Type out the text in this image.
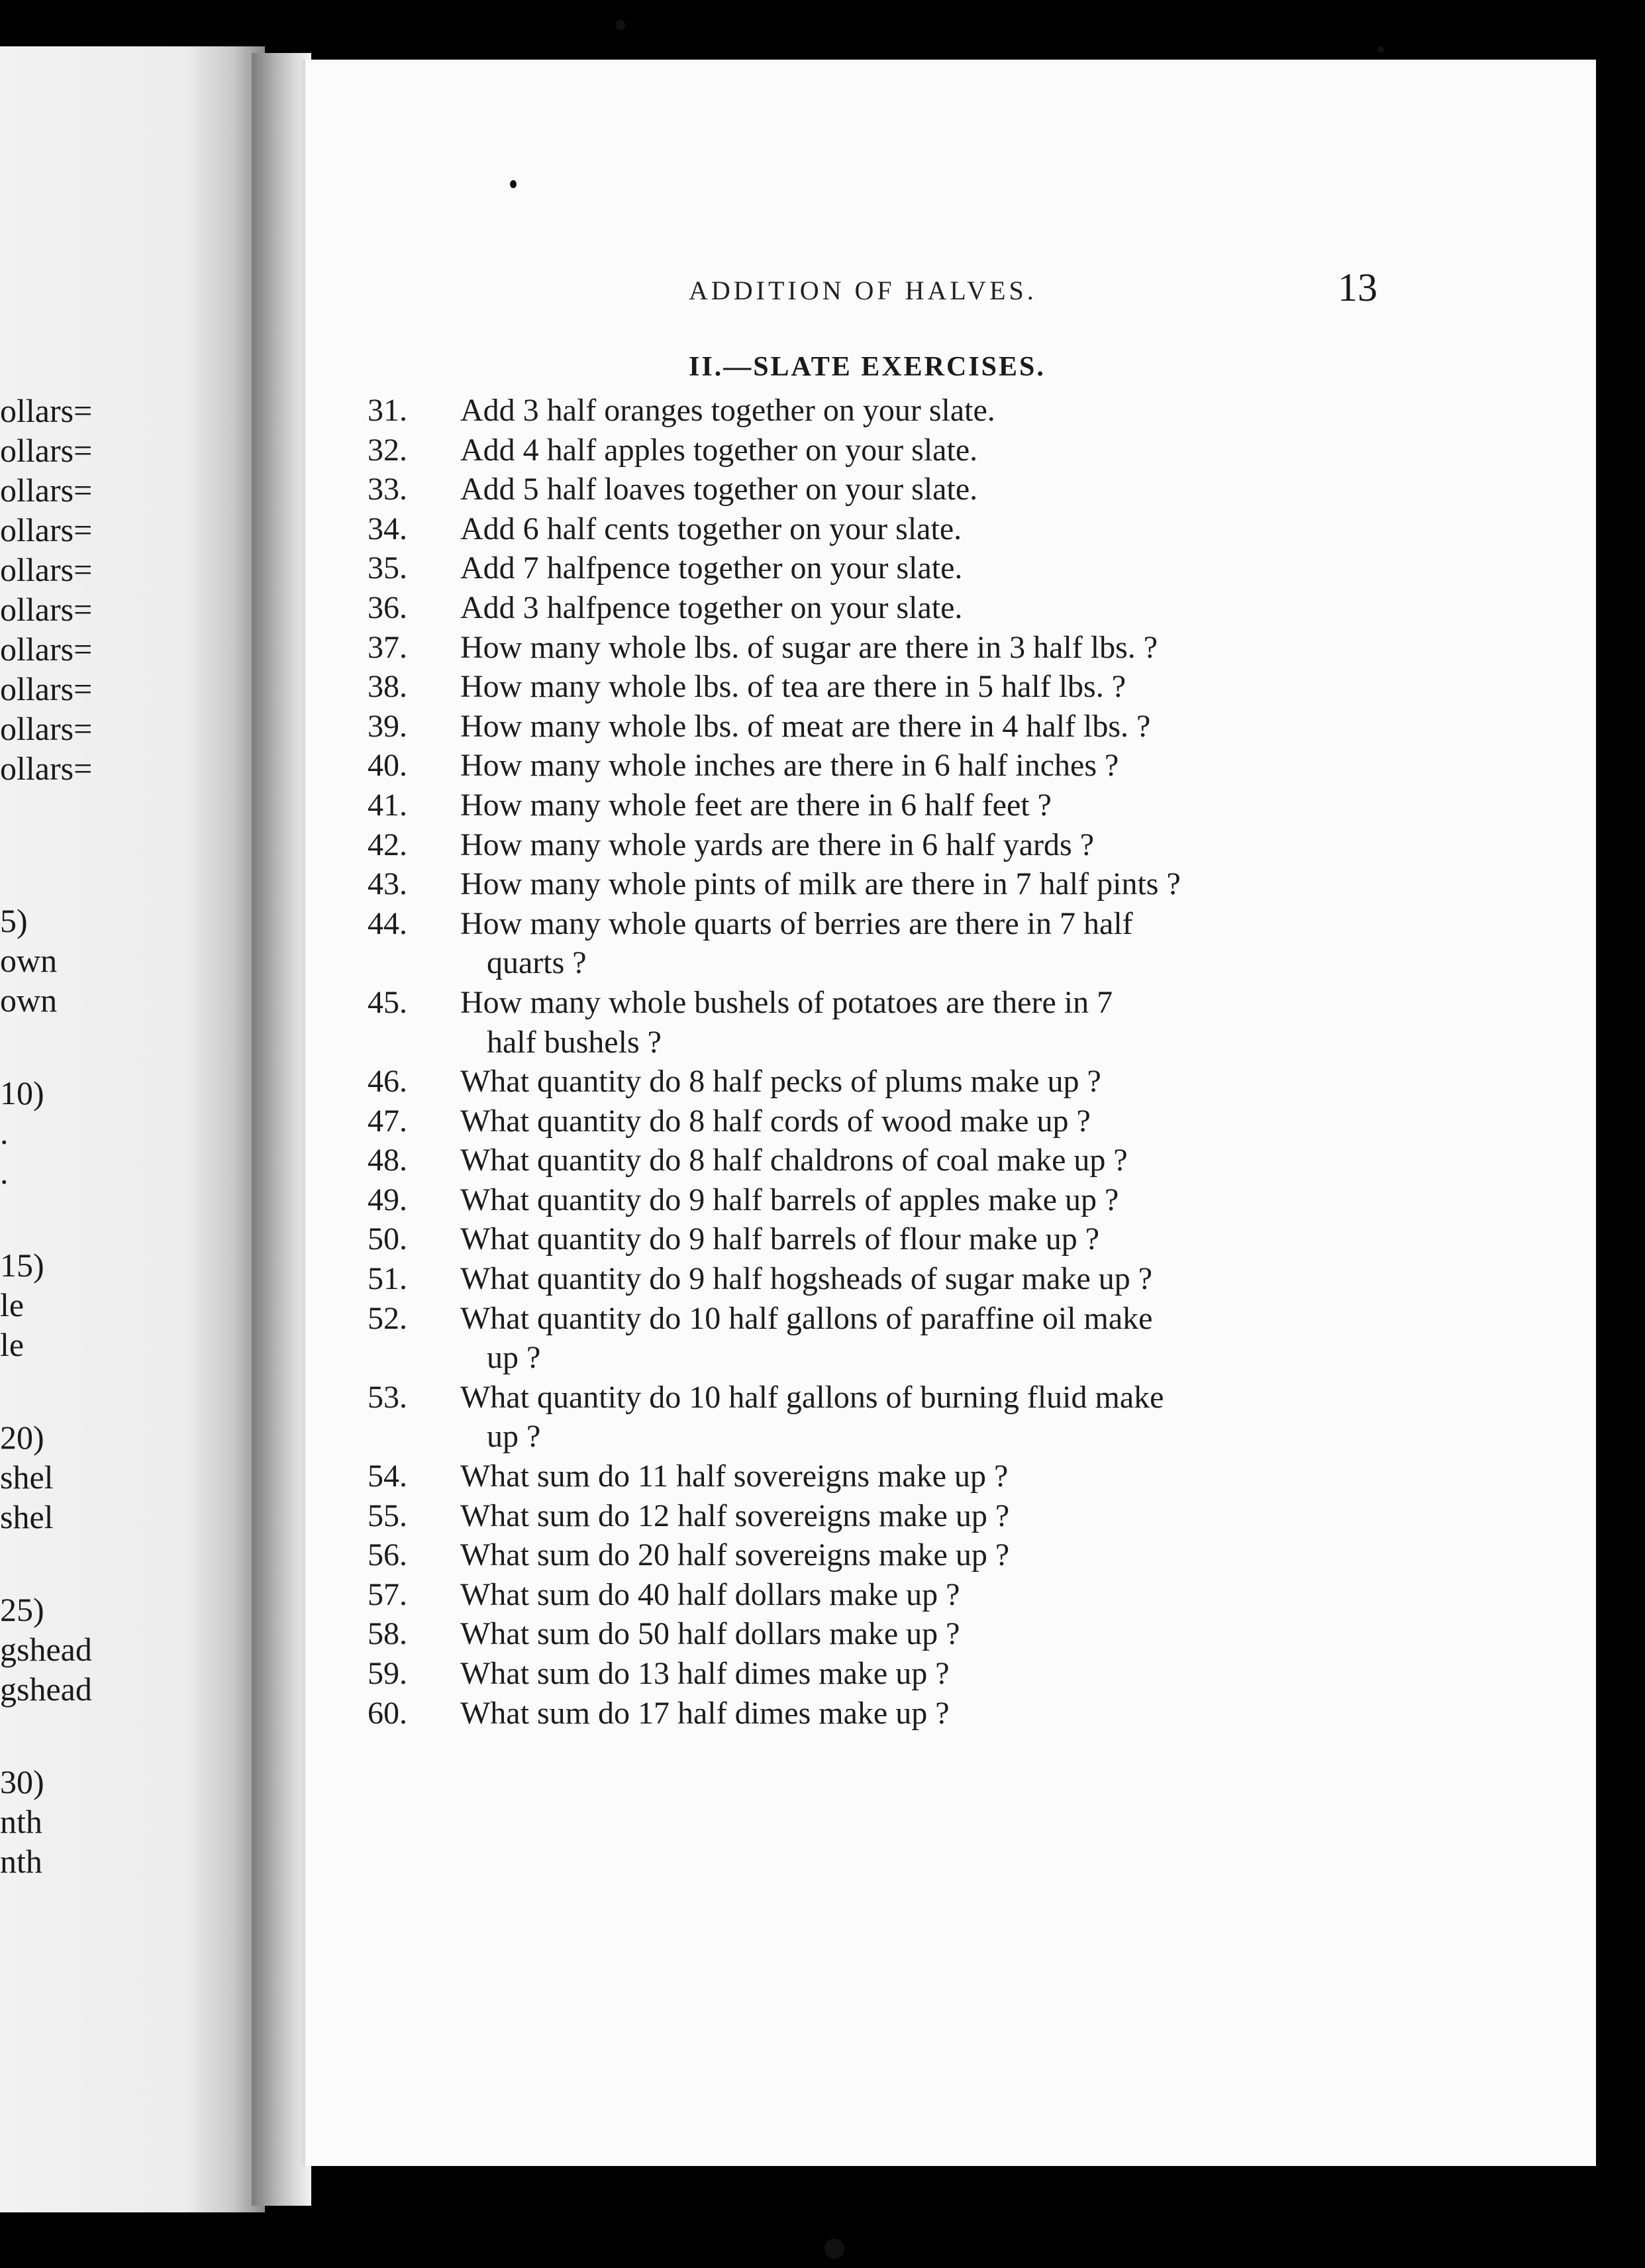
ollars=
ollars=
ollars=
ollars=
ollars=
ollars=
ollars=
ollars=
ollars=
ollars=
5)
own
own
10)
.
.
15)
le
le
20)
shel
shel
25)
gshead
gshead
30)
nth
nth
ADDITION OF HALVES.	13
II.—SLATE EXERCISES.
31.	Add 3 half oranges together on your slate.
32.	Add 4 half apples together on your slate.
33.	Add 5 half loaves together on your slate.
34.	Add 6 half cents together on your slate.
35.	Add 7 halfpence together on your slate.
36.	Add 3 halfpence together on your slate.
37.	How many whole lbs. of sugar are there in 3 half lbs. ?
38.	How many whole lbs. of tea are there in 5 half lbs. ?
39.	How many whole lbs. of meat are there in 4 half lbs. ?
40.	How many whole inches are there in 6 half inches ?
41.	How many whole feet are there in 6 half feet ?
42.	How many whole yards are there in 6 half yards ?
43.	How many whole pints of milk are there in 7 half pints ?
44.	How many whole quarts of berries are there in 7 half
quarts ?
45.	How many whole bushels of potatoes are there in 7
half bushels ?
46.	What quantity do 8 half pecks of plums make up ?
47.	What quantity do 8 half cords of wood make up ?
48.	What quantity do 8 half chaldrons of coal make up ?
49.	What quantity do 9 half barrels of apples make up ?
50.	What quantity do 9 half barrels of flour make up ?
51.	What quantity do 9 half hogsheads of sugar make up ?
52.	What quantity do 10 half gallons of paraffine oil make
up ?
53.	What quantity do 10 half gallons of burning fluid make
up ?
54.	What sum do 11 half sovereigns make up ?
55.	What sum do 12 half sovereigns make up ?
56.	What sum do 20 half sovereigns make up ?
57.	What sum do 40 half dollars make up ?
58.	What sum do 50 half dollars make up ?
59.	What sum do 13 half dimes make up ?
60.	What sum do 17 half dimes make up ?
